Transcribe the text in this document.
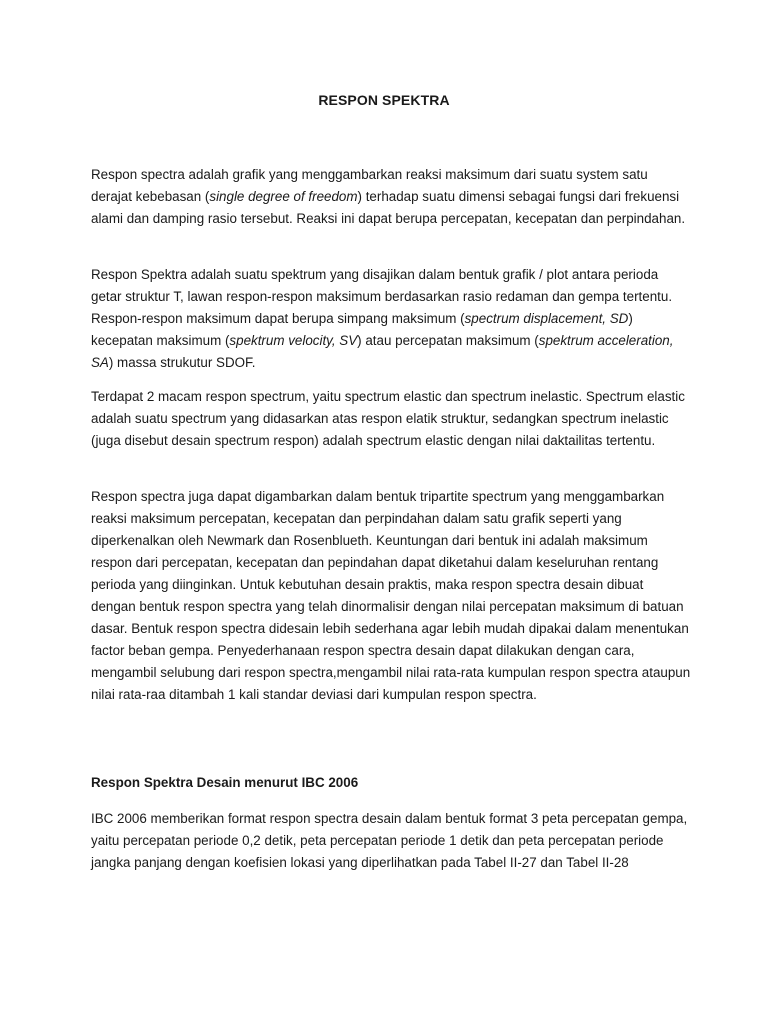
RESPON SPEKTRA

Respon spectra adalah grafik yang menggambarkan reaksi maksimum dari suatu system satu derajat kebebasan (single degree of freedom) terhadap suatu dimensi sebagai fungsi dari frekuensi alami dan damping rasio tersebut. Reaksi ini dapat berupa percepatan, kecepatan dan perpindahan.

Respon Spektra adalah suatu spektrum yang disajikan dalam bentuk grafik / plot antara perioda getar struktur T, lawan respon-respon maksimum berdasarkan rasio redaman dan gempa tertentu. Respon-respon maksimum dapat berupa simpang maksimum (spectrum displacement, SD) kecepatan maksimum (spektrum velocity, SV) atau percepatan maksimum (spektrum acceleration, SA) massa strukutur SDOF.

Terdapat 2 macam respon spectrum, yaitu spectrum elastic dan spectrum inelastic. Spectrum elastic adalah suatu spectrum yang didasarkan atas respon elatik struktur, sedangkan spectrum inelastic (juga disebut desain spectrum respon) adalah spectrum elastic dengan nilai daktailitas tertentu.

Respon spectra juga dapat digambarkan dalam bentuk tripartite spectrum yang menggambarkan reaksi maksimum percepatan, kecepatan dan perpindahan dalam satu grafik seperti yang diperkenalkan oleh Newmark dan Rosenblueth. Keuntungan dari bentuk ini adalah maksimum respon dari percepatan, kecepatan dan pepindahan dapat diketahui dalam keseluruhan rentang perioda yang diinginkan. Untuk kebutuhan desain praktis, maka respon spectra desain dibuat dengan bentuk respon spectra yang telah dinormalisir dengan nilai percepatan maksimum di batuan dasar. Bentuk respon spectra didesain lebih sederhana agar lebih mudah dipakai dalam menentukan factor beban gempa. Penyederhanaan respon spectra desain dapat dilakukan dengan cara, mengambil selubung dari respon spectra,mengambil nilai rata-rata kumpulan respon spectra ataupun nilai rata-raa ditambah 1 kali standar deviasi dari kumpulan respon spectra.

Respon Spektra Desain menurut IBC 2006

IBC 2006 memberikan format respon spectra desain dalam bentuk format 3 peta percepatan gempa, yaitu percepatan periode 0,2 detik, peta percepatan periode 1 detik dan peta percepatan periode jangka panjang dengan koefisien lokasi yang diperlihatkan pada Tabel II-27 dan Tabel II-28
